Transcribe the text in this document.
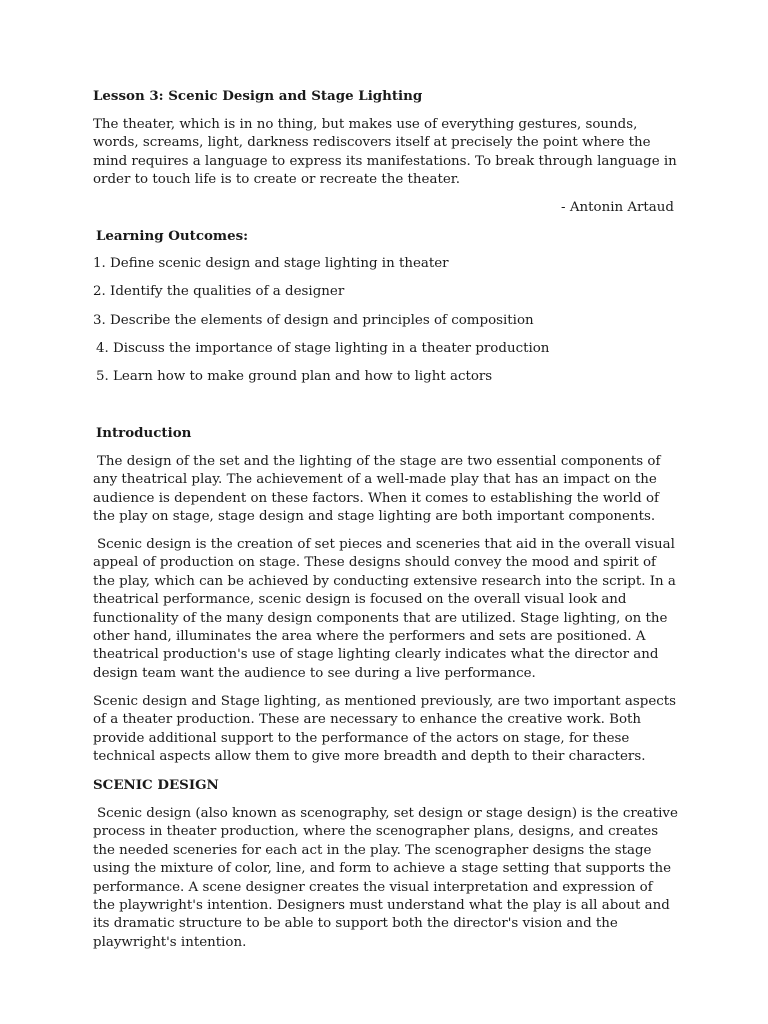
Lesson 3: Scenic Design and Stage Lighting
The theater, which is in no thing, but makes use of everything gestures, sounds, words, screams, light, darkness rediscovers itself at precisely the point where the mind requires a language to express its manifestations. To break through language in order to touch life is to create or recreate the theater.
- Antonin Artaud
Learning Outcomes:
1. Define scenic design and stage lighting in theater
2. Identify the qualities of a designer
3. Describe the elements of design and principles of composition
4. Discuss the importance of stage lighting in a theater production
5. Learn how to make ground plan and how to light actors
Introduction
The design of the set and the lighting of the stage are two essential components of any theatrical play. The achievement of a well-made play that has an impact on the audience is dependent on these factors. When it comes to establishing the world of the play on stage, stage design and stage lighting are both important components.
Scenic design is the creation of set pieces and sceneries that aid in the overall visual appeal of production on stage. These designs should convey the mood and spirit of the play, which can be achieved by conducting extensive research into the script. In a theatrical performance, scenic design is focused on the overall visual look and functionality of the many design components that are utilized. Stage lighting, on the other hand, illuminates the area where the performers and sets are positioned. A theatrical production's use of stage lighting clearly indicates what the director and design team want the audience to see during a live performance.
Scenic design and Stage lighting, as mentioned previously, are two important aspects of a theater production. These are necessary to enhance the creative work. Both provide additional support to the performance of the actors on stage, for these technical aspects allow them to give more breadth and depth to their characters.
SCENIC DESIGN
Scenic design (also known as scenography, set design or stage design) is the creative process in theater production, where the scenographer plans, designs, and creates the needed sceneries for each act in the play. The scenographer designs the stage using the mixture of color, line, and form to achieve a stage setting that supports the performance. A scene designer creates the visual interpretation and expression of the playwright's intention. Designers must understand what the play is all about and its dramatic structure to be able to support both the director's vision and the playwright's intention.
